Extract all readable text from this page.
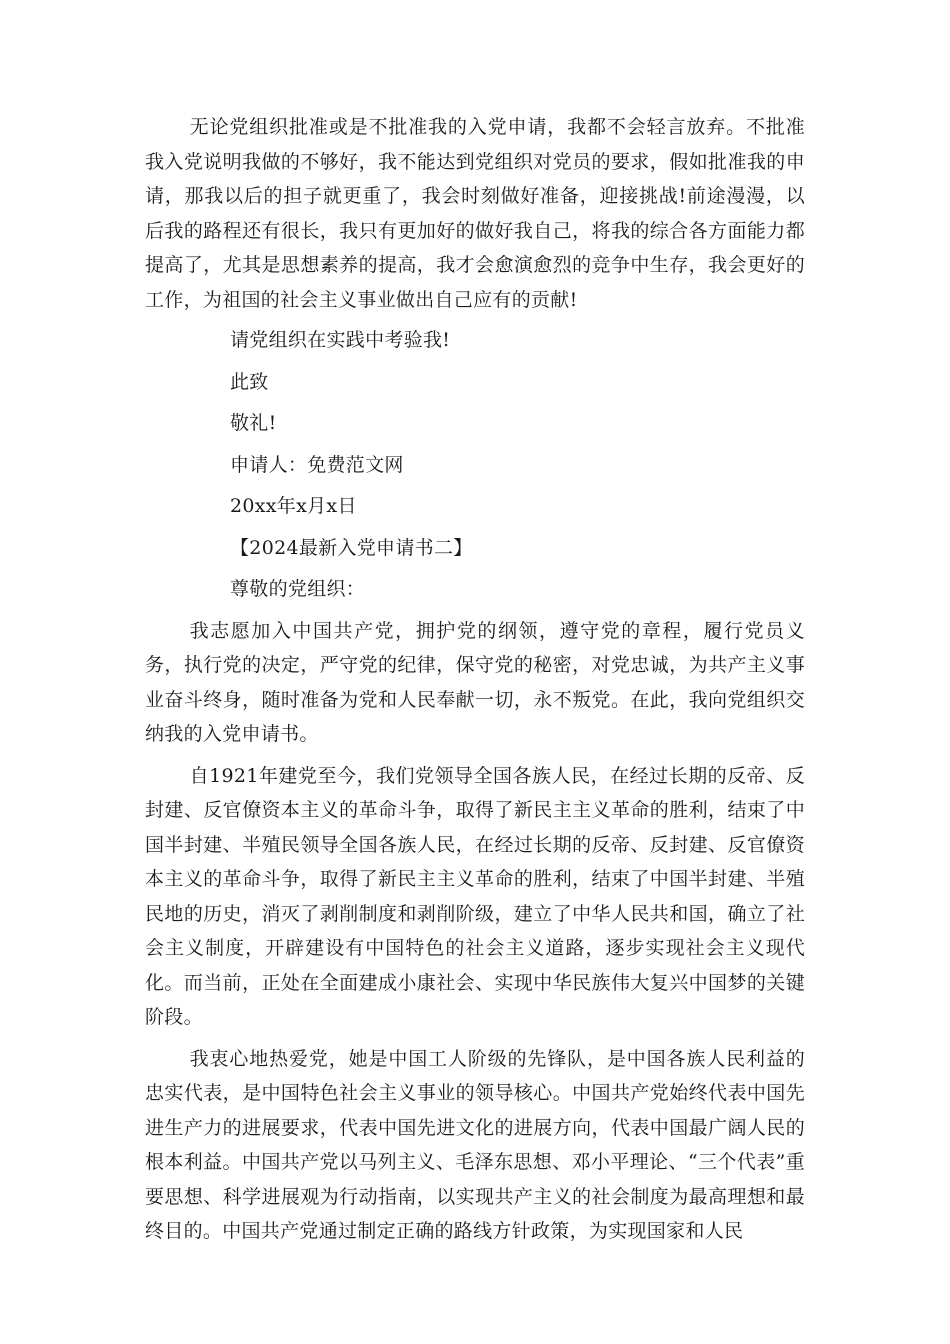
无论党组织批准或是不批准我的入党申请，我都不会轻言放弃。不批准我入党说明我做的不够好，我不能达到党组织对党员的要求，假如批准我的申请，那我以后的担子就更重了，我会时刻做好准备，迎接挑战!前途漫漫，以后我的路程还有很长，我只有更加好的做好我自己，将我的综合各方面能力都提高了，尤其是思想素养的提高，我才会愈演愈烈的竞争中生存，我会更好的工作，为祖国的社会主义事业做出自己应有的贡献!

请党组织在实践中考验我!

此致

敬礼!

申请人：免费范文网

20xx年x月x日

【2024最新入党申请书二】

尊敬的党组织：

我志愿加入中国共产党，拥护党的纲领，遵守党的章程，履行党员义务，执行党的决定，严守党的纪律，保守党的秘密，对党忠诚，为共产主义事业奋斗终身，随时准备为党和人民奉献一切，永不叛党。在此，我向党组织交纳我的入党申请书。

自1921年建党至今，我们党领导全国各族人民，在经过长期的反帝、反封建、反官僚资本主义的革命斗争，取得了新民主主义革命的胜利，结束了中国半封建、半殖民领导全国各族人民，在经过长期的反帝、反封建、反官僚资本主义的革命斗争，取得了新民主主义革命的胜利，结束了中国半封建、半殖民地的历史，消灭了剥削制度和剥削阶级，建立了中华人民共和国，确立了社会主义制度，开辟建设有中国特色的社会主义道路，逐步实现社会主义现代化。而当前，正处在全面建成小康社会、实现中华民族伟大复兴中国梦的关键阶段。

我衷心地热爱党，她是中国工人阶级的先锋队，是中国各族人民利益的忠实代表，是中国特色社会主义事业的领导核心。中国共产党始终代表中国先进生产力的进展要求，代表中国先进文化的进展方向，代表中国最广阔人民的根本利益。中国共产党以马列主义、毛泽东思想、邓小平理论、“三个代表”重要思想、科学进展观为行动指南，以实现共产主义的社会制度为最高理想和最终目的。中国共产党通过制定正确的路线方针政策，为实现国家和人民
